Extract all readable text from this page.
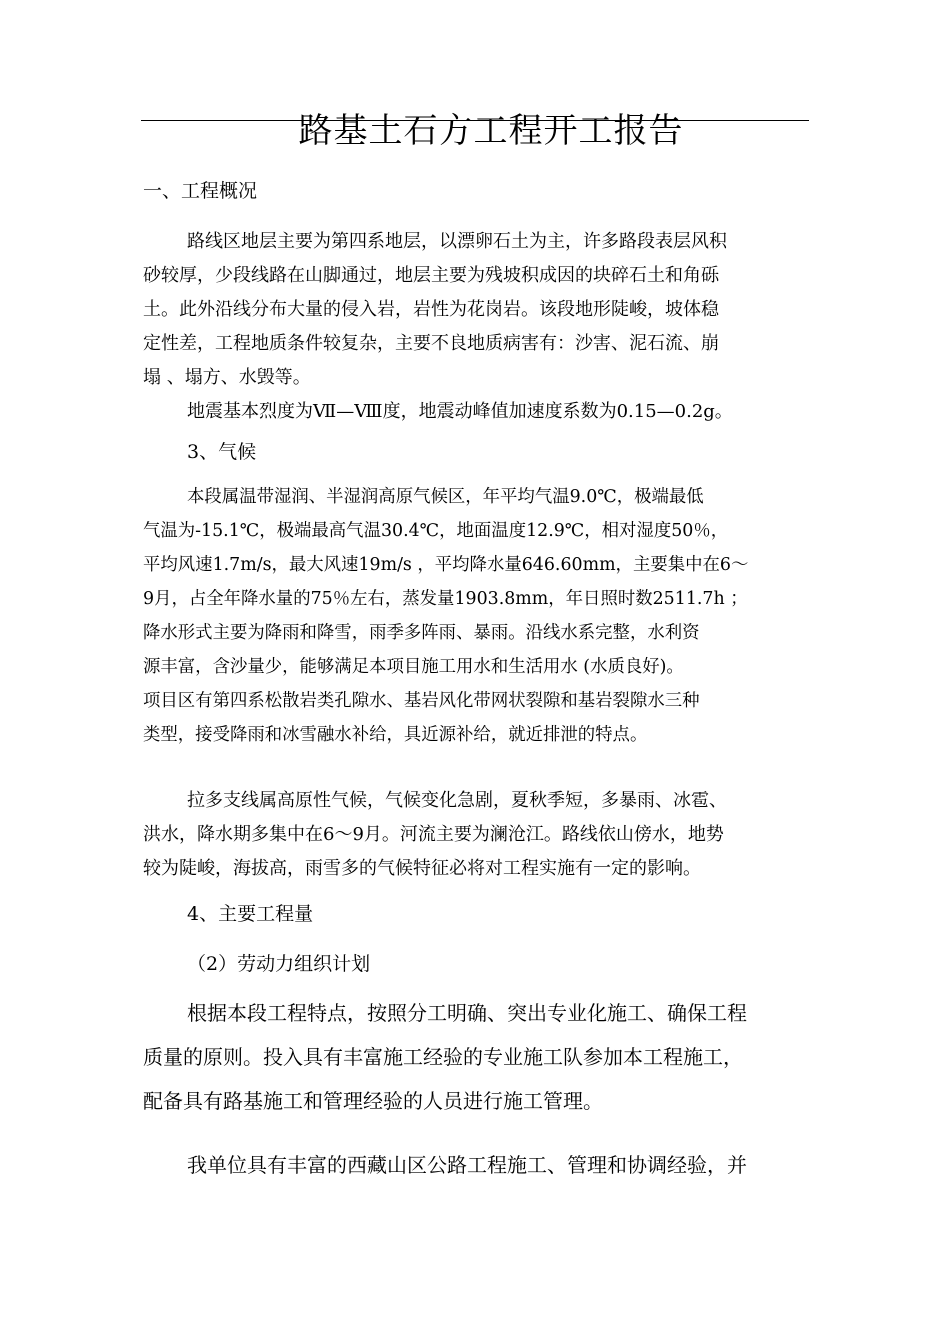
路基土石方工程开工报告
一、工程概况
路线区地层主要为第四系地层，以漂卵石土为主，许多路段表层风积
砂较厚，少段线路在山脚通过，地层主要为残坡积成因的块碎石土和角砾
土。此外沿线分布大量的侵入岩，岩性为花岗岩。该段地形陡峻，坡体稳
定性差，工程地质条件较复杂，主要不良地质病害有：沙害、泥石流、崩
塌 、塌方、水毁等。
地震基本烈度为Ⅶ—Ⅷ度，地震动峰值加速度系数为0.15—0.2g。
3、气候
本段属温带湿润、半湿润高原气候区，年平均气温9.0℃，极端最低
气温为-15.1℃，极端最高气温30.4℃，地面温度12.9℃，相对湿度50％，
平均风速1.7m/s，最大风速19m/s ，平均降水量646.60mm，主要集中在6～
9月，占全年降水量的75％左右，蒸发量1903.8mm，年日照时数2511.7h ；
降水形式主要为降雨和降雪，雨季多阵雨、暴雨。沿线水系完整，水利资
源丰富，含沙量少，能够满足本项目施工用水和生活用水 (水质良好)。
项目区有第四系松散岩类孔隙水、基岩风化带网状裂隙和基岩裂隙水三种
类型，接受降雨和冰雪融水补给，具近源补给，就近排泄的特点。
拉多支线属高原性气候，气候变化急剧，夏秋季短，多暴雨、冰雹、
洪水，降水期多集中在6～9月。河流主要为澜沧江。路线依山傍水，地势
较为陡峻，海拔高，雨雪多的气候特征必将对工程实施有一定的影响。
4、主要工程量
（2）劳动力组织计划
根据本段工程特点，按照分工明确、突出专业化施工、确保工程
质量的原则。投入具有丰富施工经验的专业施工队参加本工程施工，
配备具有路基施工和管理经验的人员进行施工管理。
我单位具有丰富的西藏山区公路工程施工、管理和协调经验，并
